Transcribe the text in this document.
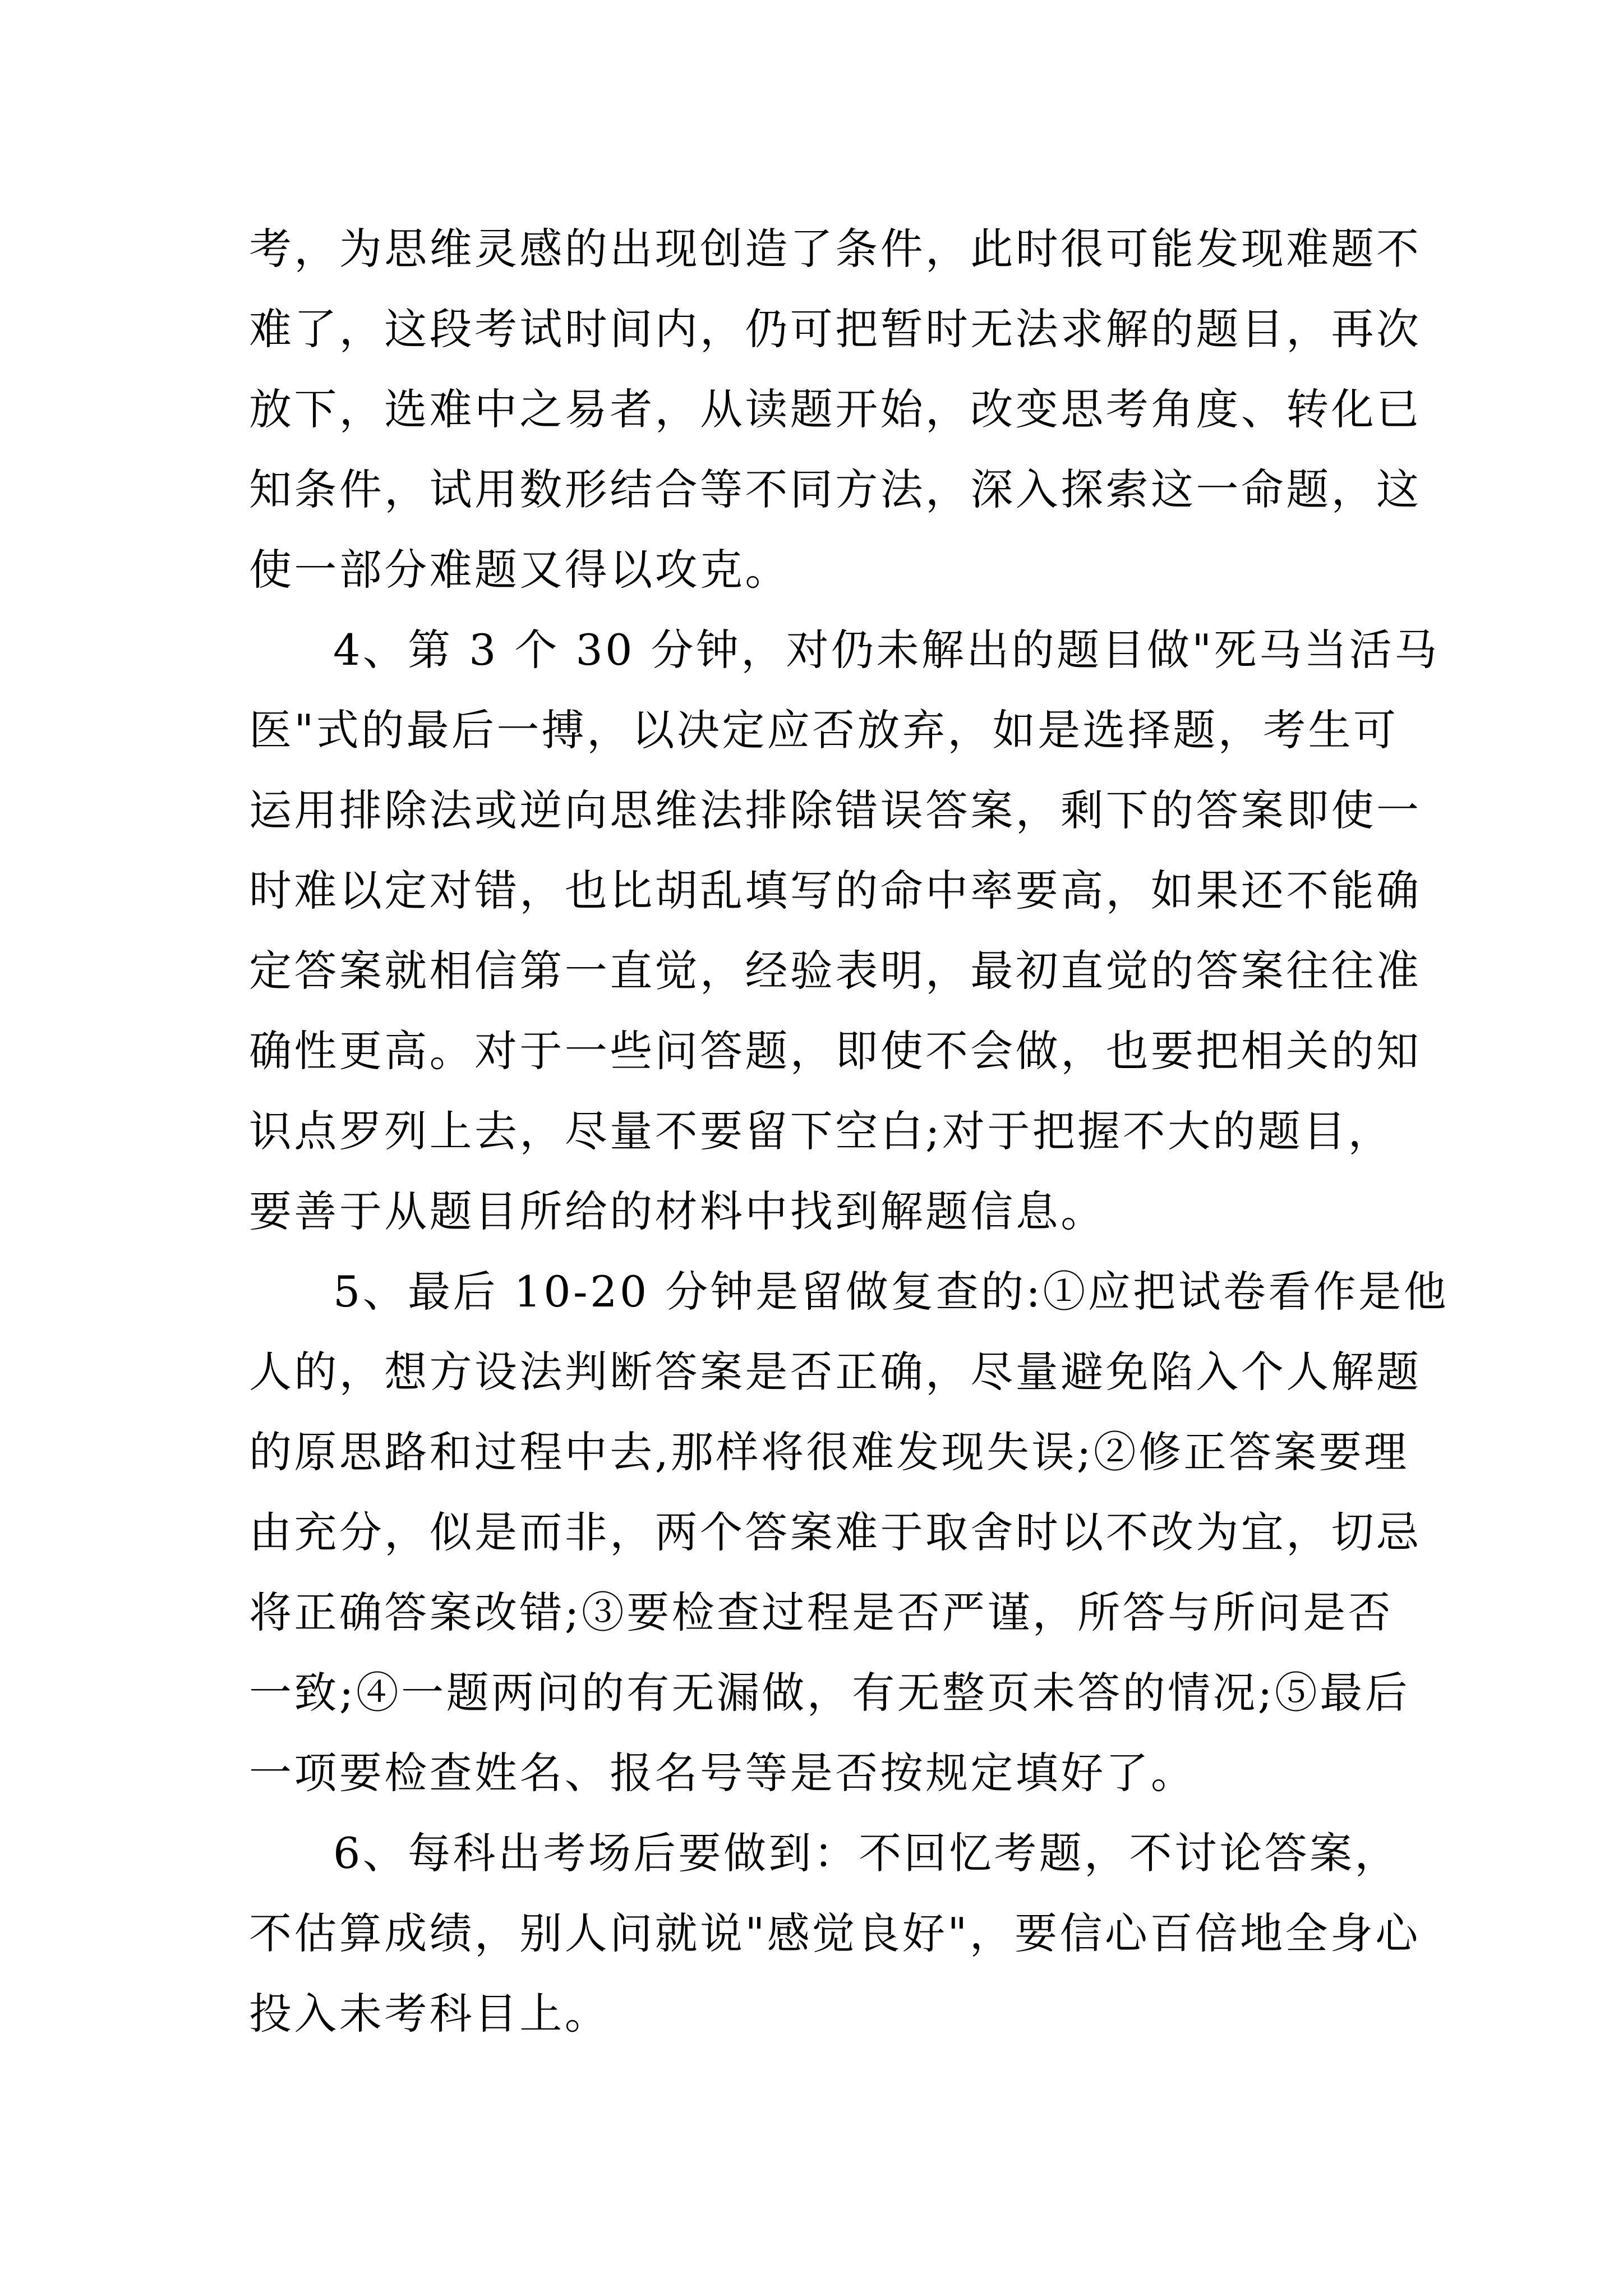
考，为思维灵感的出现创造了条件，此时很可能发现难题不
难了，这段考试时间内，仍可把暂时无法求解的题目，再次
放下，选难中之易者，从读题开始，改变思考角度、转化已
知条件，试用数形结合等不同方法，深入探索这一命题，这
使一部分难题又得以攻克。
4、第 3 个 30 分钟，对仍未解出的题目做"死马当活马
医"式的最后一搏，以决定应否放弃，如是选择题，考生可
运用排除法或逆向思维法排除错误答案，剩下的答案即使一
时难以定对错，也比胡乱填写的命中率要高，如果还不能确
定答案就相信第一直觉，经验表明，最初直觉的答案往往准
确性更高。对于一些问答题，即使不会做，也要把相关的知
识点罗列上去，尽量不要留下空白;对于把握不大的题目，
要善于从题目所给的材料中找到解题信息。
5、最后 10-20 分钟是留做复查的:①应把试卷看作是他
人的，想方设法判断答案是否正确，尽量避免陷入个人解题
的原思路和过程中去,那样将很难发现失误;②修正答案要理
由充分，似是而非，两个答案难于取舍时以不改为宜，切忌
将正确答案改错;③要检查过程是否严谨，所答与所问是否
一致;④一题两问的有无漏做，有无整页未答的情况;⑤最后
一项要检查姓名、报名号等是否按规定填好了。
6、每科出考场后要做到：不回忆考题，不讨论答案，
不估算成绩，别人问就说"感觉良好"，要信心百倍地全身心
投入未考科目上。
